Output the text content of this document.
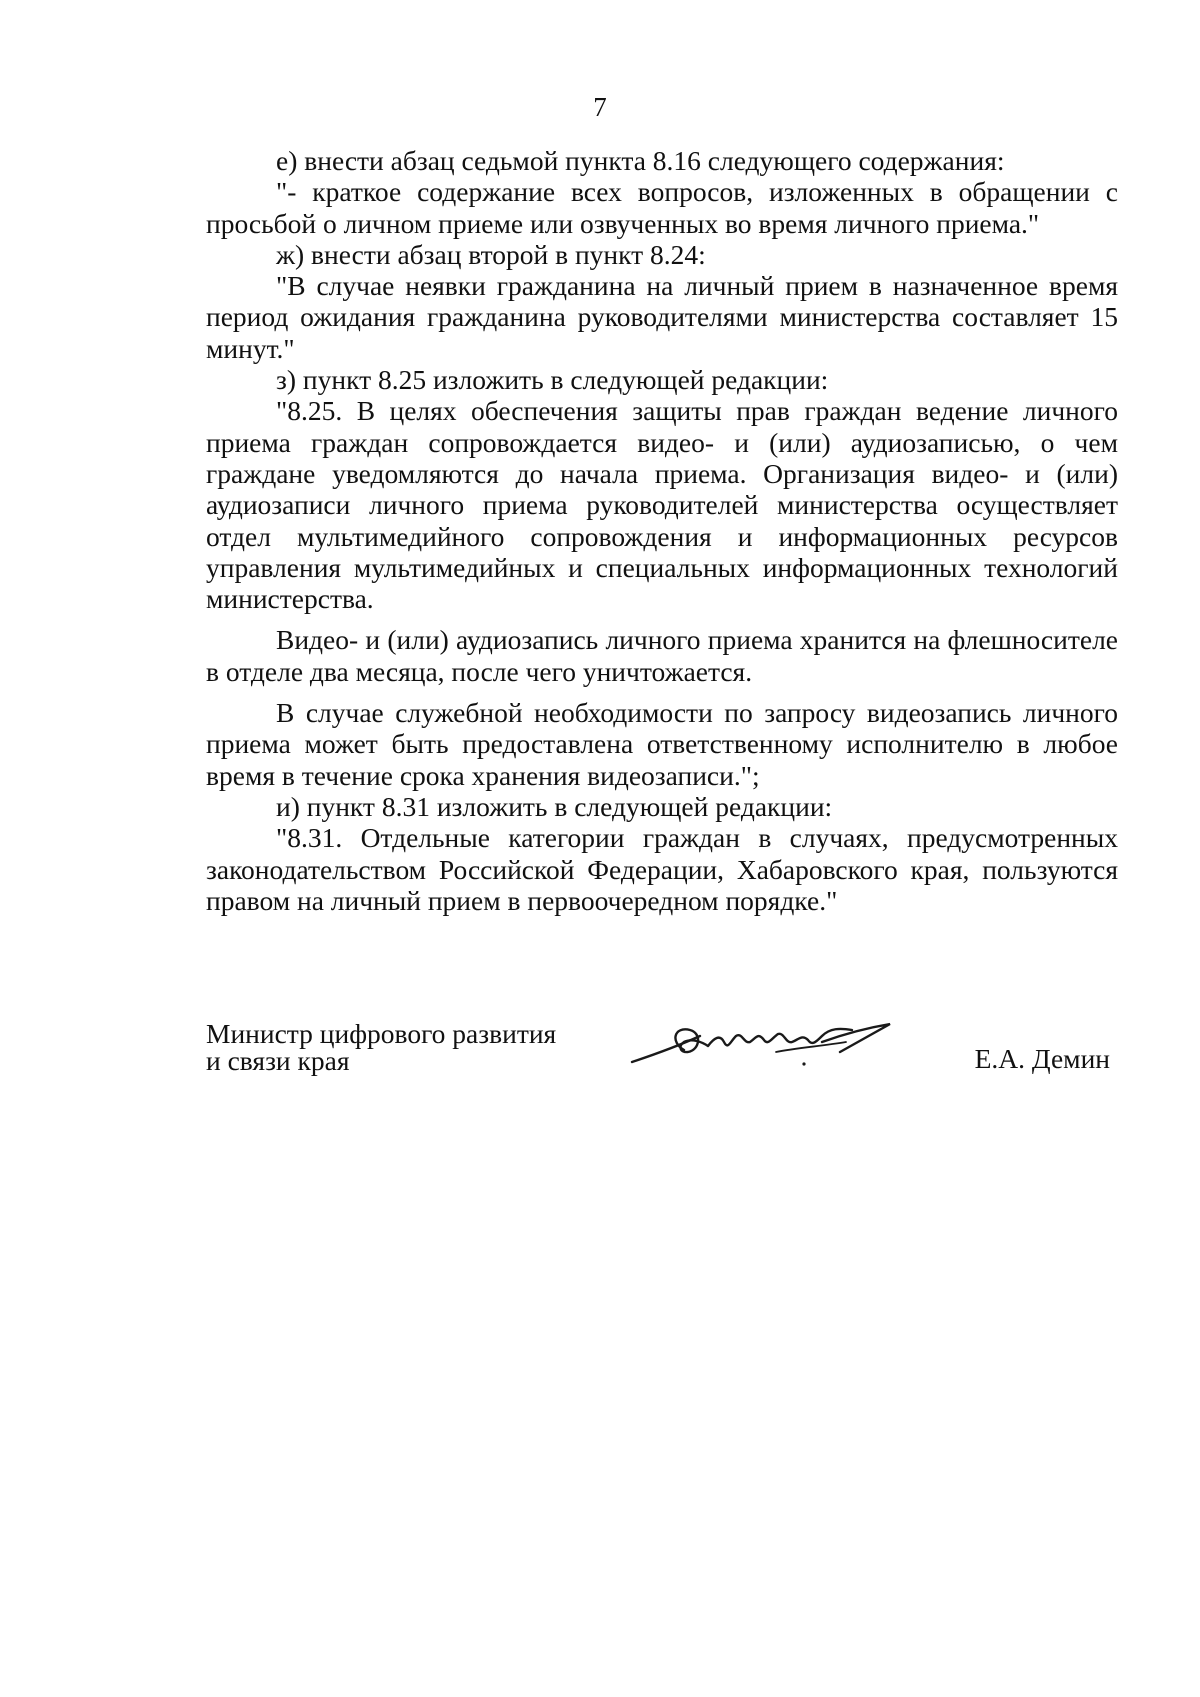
7

е) внести абзац седьмой пункта 8.16 следующего содержания:

"- краткое содержание всех вопросов, изложенных в обращении с просьбой о личном приеме или озвученных во время личного приема."

ж) внести абзац второй в пункт 8.24:

"В случае неявки гражданина на личный прием в назначенное время период ожидания гражданина руководителями министерства составляет 15 минут."

з) пункт 8.25 изложить в следующей редакции:

"8.25. В целях обеспечения защиты прав граждан ведение личного приема граждан сопровождается видео- и (или) аудиозаписью, о чем граждане уведомляются до начала приема. Организация видео- и (или) аудиозаписи личного приема руководителей министерства осуществляет отдел мультимедийного сопровождения и информационных ресурсов управления мультимедийных и специальных информационных технологий министерства.

Видео- и (или) аудиозапись личного приема хранится на флешносителе в отделе два месяца, после чего уничтожается.

В случае служебной необходимости по запросу видеозапись личного приема может быть предоставлена ответственному исполнителю в любое время в течение срока хранения видеозаписи.";

и) пункт 8.31 изложить в следующей редакции:

"8.31. Отдельные категории граждан в случаях, предусмотренных законодательством Российской Федерации, Хабаровского края, пользуются правом на личный прием в первоочередном порядке."

Министр цифрового развития
и связи края	Е.А. Демин
